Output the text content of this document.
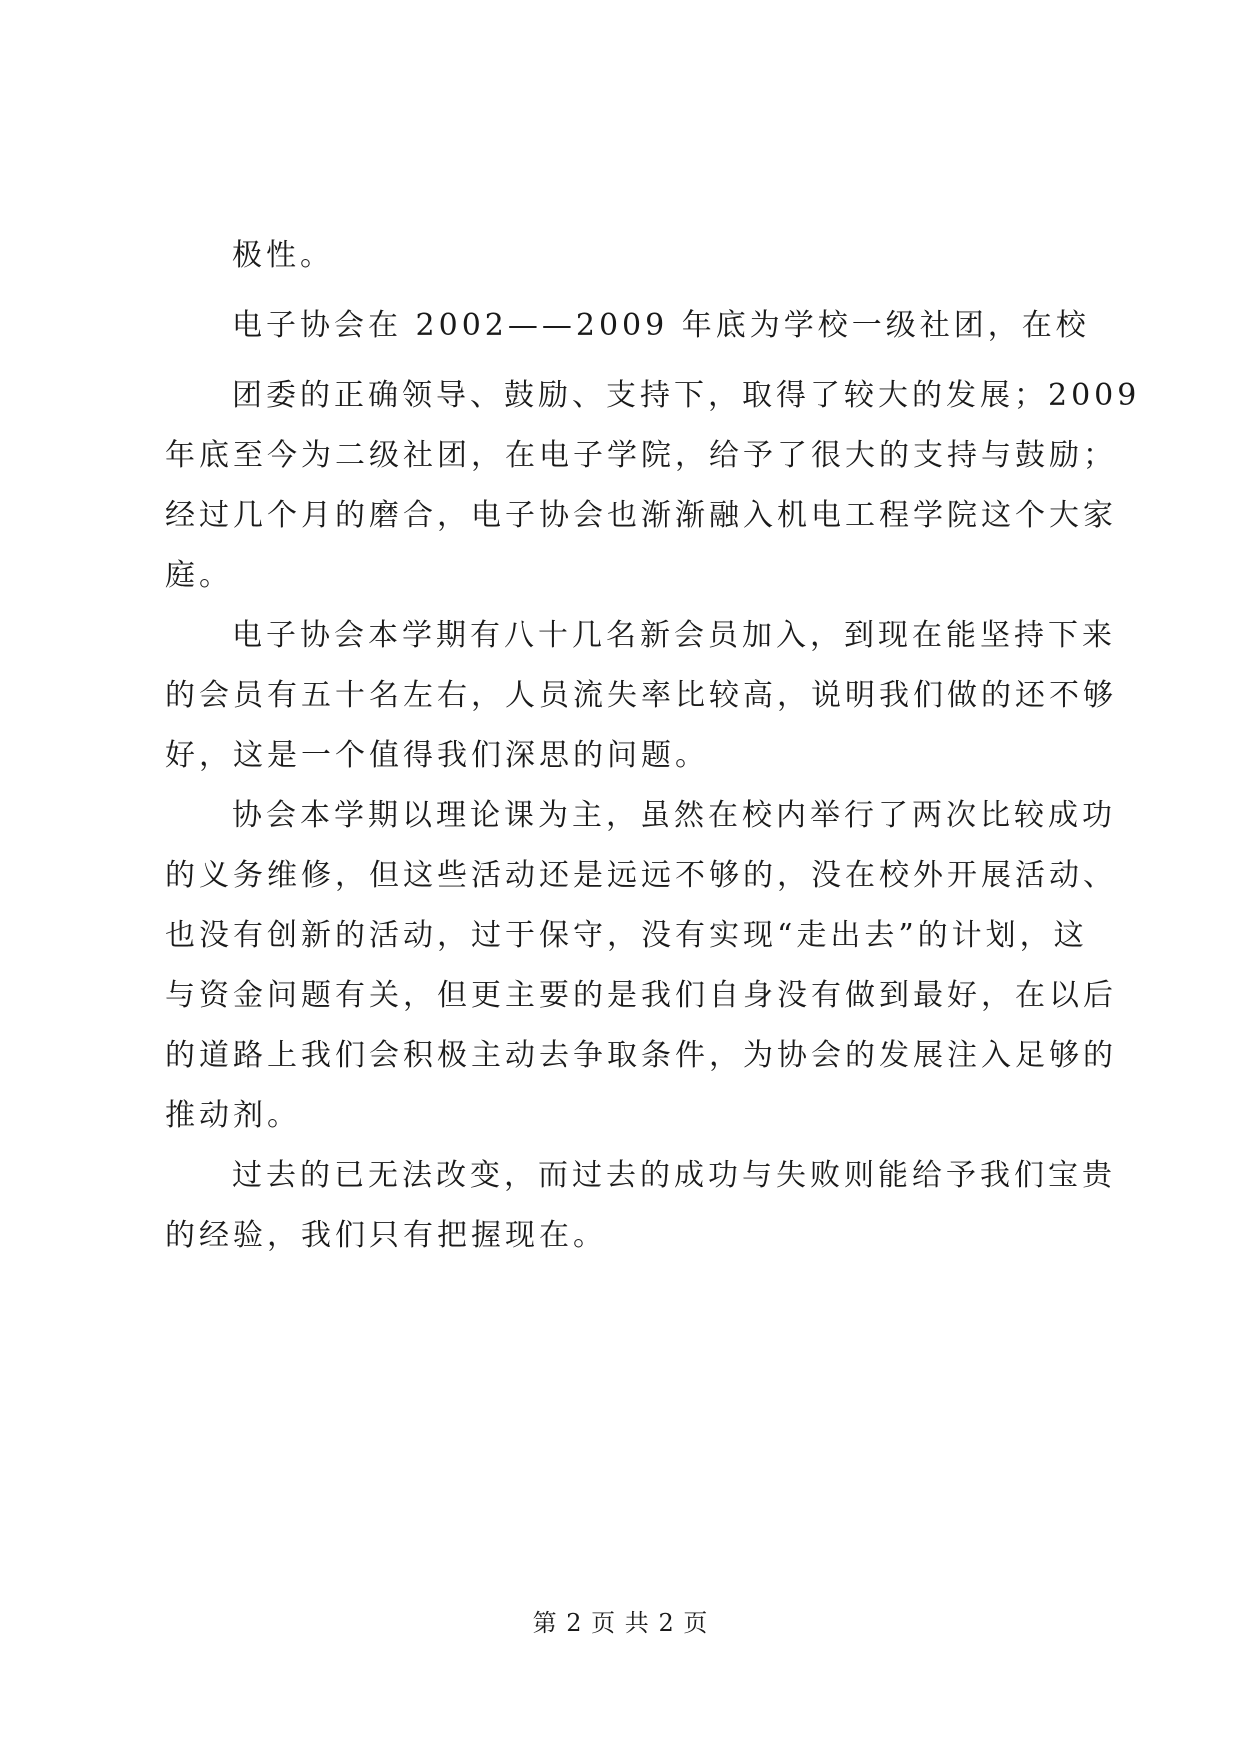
极性。
电子协会在 2002——2009 年底为学校一级社团，在校
团委的正确领导、鼓励、支持下，取得了较大的发展；2009
年底至今为二级社团，在电子学院，给予了很大的支持与鼓励；
经过几个月的磨合，电子协会也渐渐融入机电工程学院这个大家
庭。
电子协会本学期有八十几名新会员加入，到现在能坚持下来
的会员有五十名左右，人员流失率比较高，说明我们做的还不够
好，这是一个值得我们深思的问题。
协会本学期以理论课为主，虽然在校内举行了两次比较成功
的义务维修，但这些活动还是远远不够的，没在校外开展活动、
也没有创新的活动，过于保守，没有实现“走出去”的计划，这
与资金问题有关，但更主要的是我们自身没有做到最好，在以后
的道路上我们会积极主动去争取条件，为协会的发展注入足够的
推动剂。
过去的已无法改变，而过去的成功与失败则能给予我们宝贵
的经验，我们只有把握现在。
第 2 页 共 2 页
